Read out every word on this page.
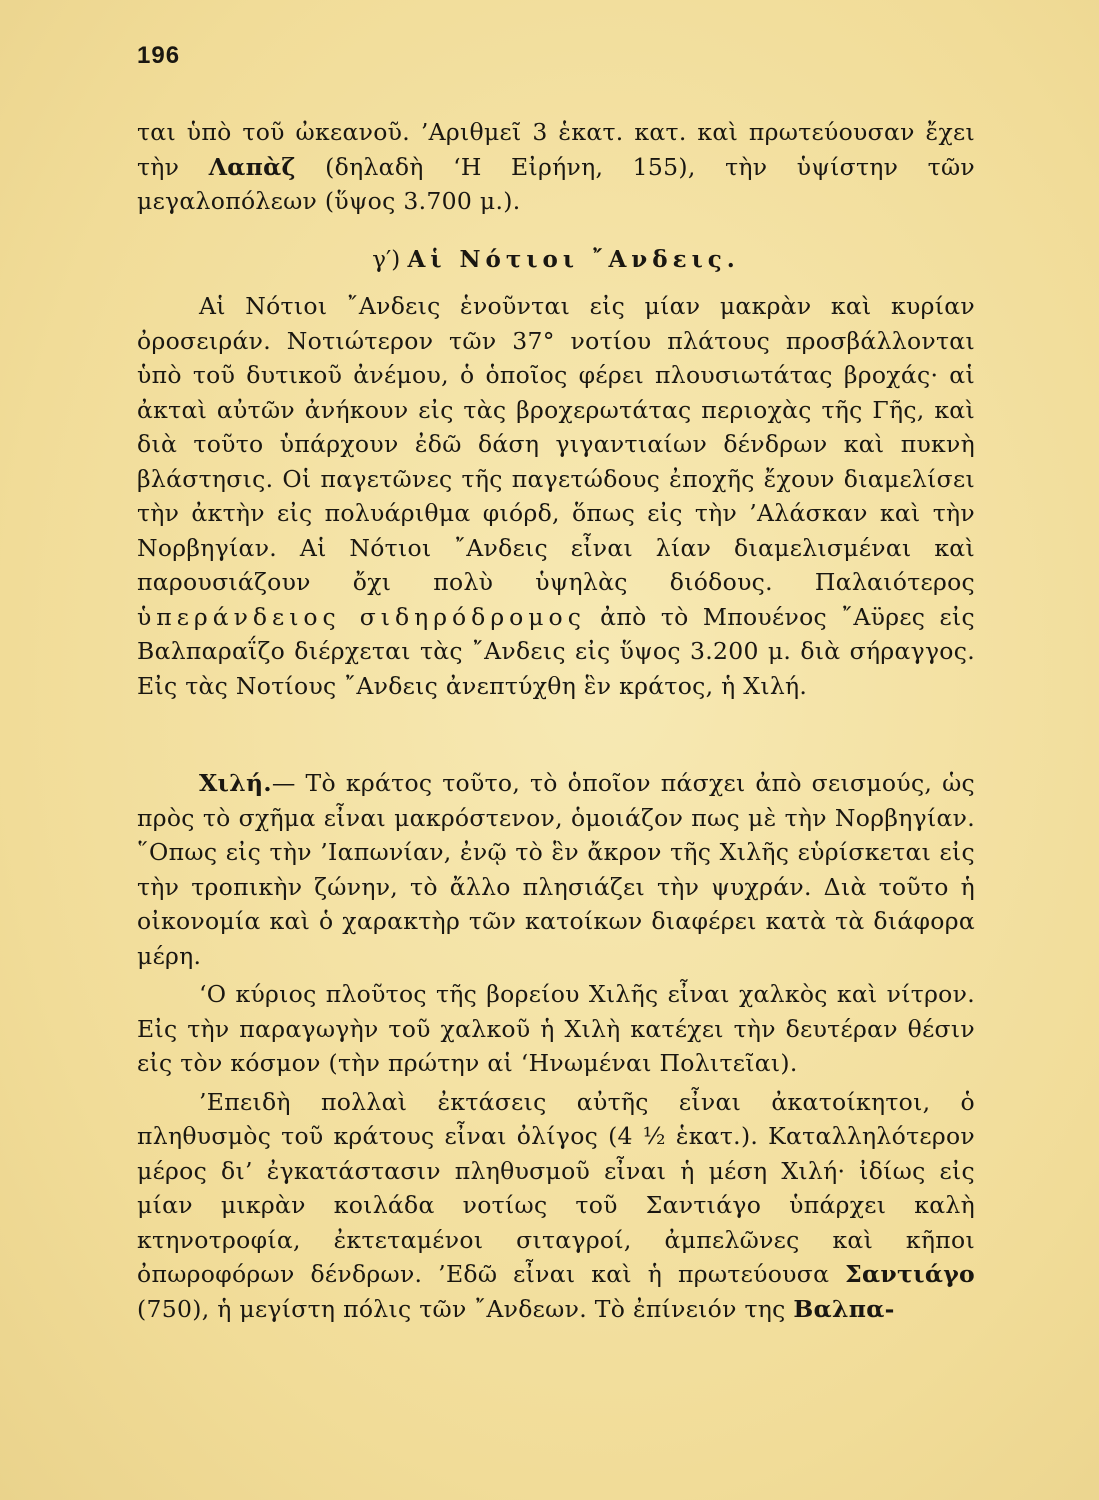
196

ται ὑπὸ τοῦ ὠκεανοῦ. ’Αριθμεῖ 3 ἑκατ. κατ. καὶ πρωτεύουσαν ἔχει τὴν Λαπὰζ (δηλαδὴ ‘Η Εἰρήνη, 155), τὴν ὑψίστην τῶν μεγαλοπόλεων (ὕψος 3.700 μ.).

γ′) Αἱ Νότιοι ῎Ανδεις.

Αἱ Νότιοι ῎Ανδεις ἑνοῦνται εἰς μίαν μακρὰν καὶ κυρίαν ὀροσειράν. Νοτιώτερον τῶν 37° νοτίου πλάτους προσβάλλονται ὑπὸ τοῦ δυτικοῦ ἀνέμου, ὁ ὁποῖος φέρει πλουσιωτάτας βροχάς· αἱ ἀκταὶ αὐτῶν ἀνήκουν εἰς τὰς βροχερωτάτας περιοχὰς τῆς Γῆς, καὶ διὰ τοῦτο ὑπάρχουν ἐδῶ δάση γιγαντιαίων δένδρων καὶ πυκνὴ βλάστησις. Οἱ παγετῶνες τῆς παγετώδους ἐποχῆς ἔχουν διαμελίσει τὴν ἀκτὴν εἰς πολυάριθμα φιόρδ, ὅπως εἰς τὴν ’Αλάσκαν καὶ τὴν Νορβηγίαν. Αἱ Νότιοι ῎Ανδεις εἶναι λίαν διαμελισμέναι καὶ παρουσιάζουν ὄχι πολὺ ὑψηλὰς διόδους. Παλαιότερος ὑπεράνδειος σιδηρόδρομος ἀπὸ τὸ Μπουένος ῎Αϋρες εἰς Βαλπαραΐζο διέρχεται τὰς ῎Ανδεις εἰς ὕψος 3.200 μ. διὰ σήραγγος. Εἰς τὰς Νοτίους ῎Ανδεις ἀνεπτύχθη ἓν κράτος, ἡ Χιλή.

Χιλή.— Τὸ κράτος τοῦτο, τὸ ὁποῖον πάσχει ἀπὸ σεισμούς, ὡς πρὸς τὸ σχῆμα εἶναι μακρόστενον, ὁμοιάζον πως μὲ τὴν Νορβηγίαν. ῞Οπως εἰς τὴν ’Ιαπωνίαν, ἐνῷ τὸ ἓν ἄκρον τῆς Χιλῆς εὑρίσκεται εἰς τὴν τροπικὴν ζώνην, τὸ ἄλλο πλησιάζει τὴν ψυχράν. Διὰ τοῦτο ἡ οἰκονομία καὶ ὁ χαρακτὴρ τῶν κατοίκων διαφέρει κατὰ τὰ διάφορα μέρη.

‘Ο κύριος πλοῦτος τῆς βορείου Χιλῆς εἶναι χαλκὸς καὶ νίτρον. Εἰς τὴν παραγωγὴν τοῦ χαλκοῦ ἡ Χιλὴ κατέχει τὴν δευτέραν θέσιν εἰς τὸν κόσμον (τὴν πρώτην αἱ ‘Ηνωμέναι Πολιτεῖαι).

’Επειδὴ πολλαὶ ἐκτάσεις αὐτῆς εἶναι ἀκατοίκητοι, ὁ πληθυσμὸς τοῦ κράτους εἶναι ὀλίγος (4 ½ ἑκατ.). Καταλληλότερον μέρος δι’ ἐγκατάστασιν πληθυσμοῦ εἶναι ἡ μέση Χιλή· ἰδίως εἰς μίαν μικρὰν κοιλάδα νοτίως τοῦ Σαντιάγο ὑπάρχει καλὴ κτηνοτροφία, ἐκτεταμένοι σιταγροί, ἀμπελῶνες καὶ κῆποι ὀπωροφόρων δένδρων. ’Εδῶ εἶναι καὶ ἡ πρωτεύουσα Σαντιάγο (750), ἡ μεγίστη πόλις τῶν ῎Ανδεων. Τὸ ἐπίνειόν της Βαλπα-
